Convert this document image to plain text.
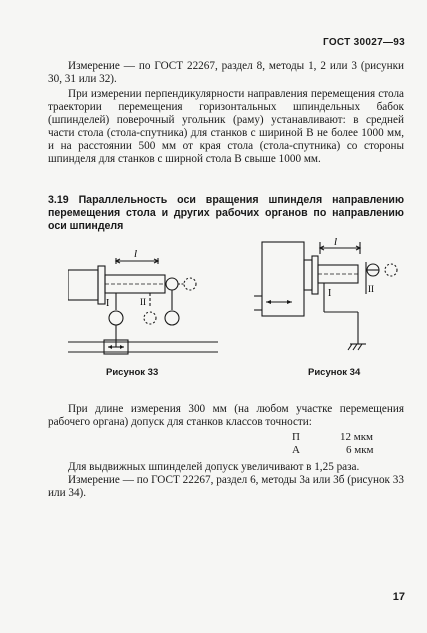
ГОСТ 30027—93

Измерение — по ГОСТ 22267, раздел 8, методы 1, 2 или 3 (рисунки 30, 31 или 32).

При измерении перпендикулярности направления перемещения стола траектории перемещения горизонтальных шпиндельных бабок (шпинделей) поверочный угольник (раму) устанавливают: в средней части стола (стола-спутника) для станков с шириной B не более 1000 мм, и на расстоянии 500 мм от края стола (стола-спутника) со стороны шпинделя для станков с ширной стола B свыше 1000 мм.

3.19 Параллельность оси вращения шпинделя направлению перемещения стола и других рабочих органов по направлению оси шпинделя

l
I	II
Рисунок 33
l
I	II
Рисунок 34

При длине измерения 300 мм (на любом участке перемещения рабочего органа) допуск для станков классов точности:

П	12 мкм
А	6 мкм

Для выдвижных шпинделей допуск увеличивают в 1,25 раза.

Измерение — по ГОСТ 22267, раздел 6, методы 3а или 3б (рисунок 33 или 34).

17
